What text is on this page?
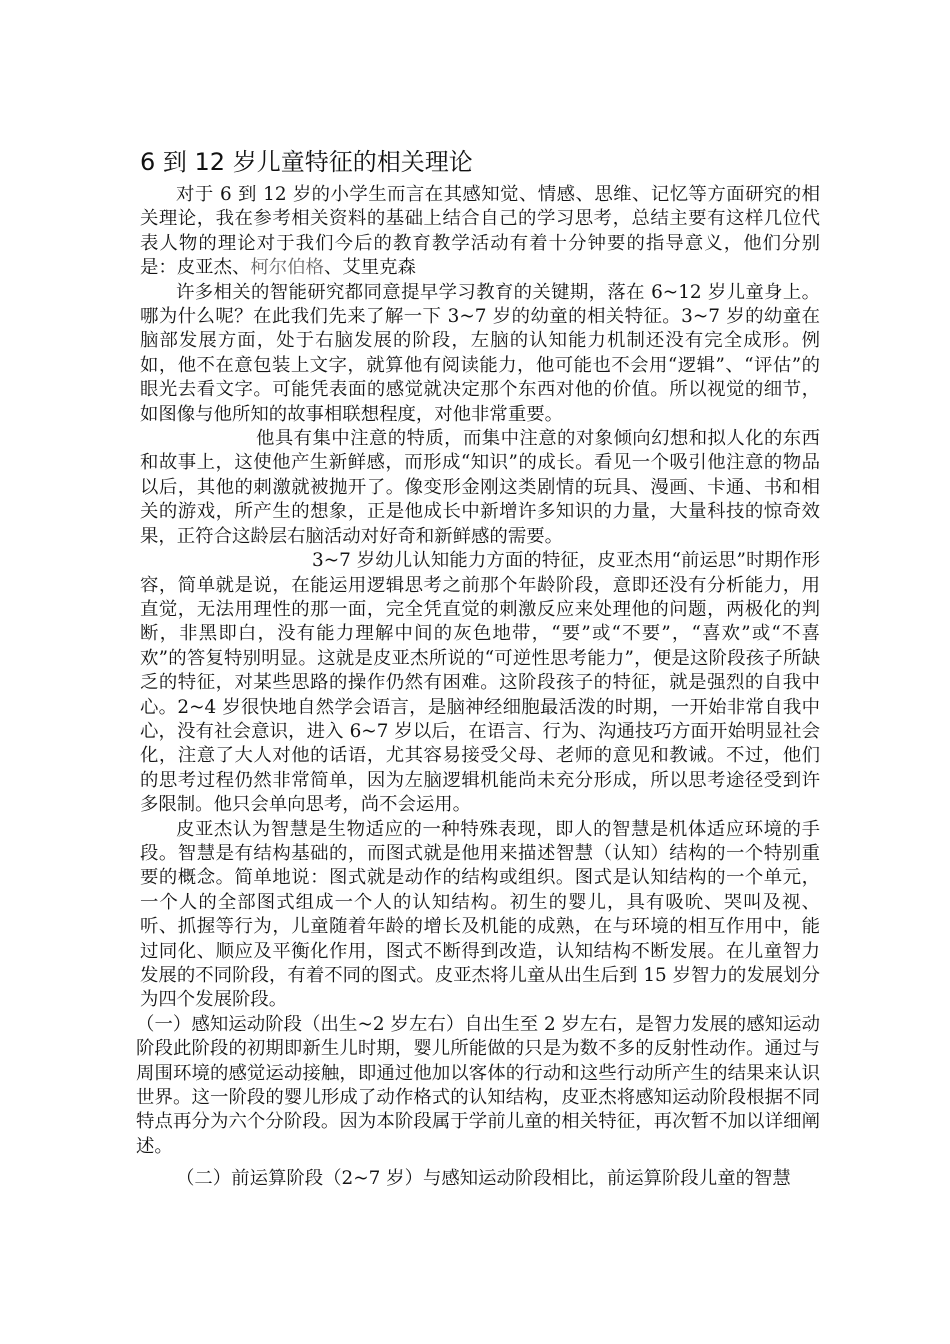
6 到 12 岁儿童特征的相关理论

对于 6 到 12 岁的小学生而言在其感知觉、情感、思维、记忆等方面研究的相关理论，我在参考相关资料的基础上结合自己的学习思考，总结主要有这样几位代表人物的理论对于我们今后的教育教学活动有着十分钟要的指导意义，他们分别是：皮亚杰、柯尔伯格、艾里克森

许多相关的智能研究都同意提早学习教育的关键期，落在 6~12 岁儿童身上。哪为什么呢？在此我们先来了解一下 3~7 岁的幼童的相关特征。3~7 岁的幼童在脑部发展方面，处于右脑发展的阶段，左脑的认知能力机制还没有完全成形。例如，他不在意包装上文字，就算他有阅读能力，他可能也不会用“逻辑”、“评估”的眼光去看文字。可能凭表面的感觉就决定那个东西对他的价值。所以视觉的细节，如图像与他所知的故事相联想程度，对他非常重要。

他具有集中注意的特质，而集中注意的对象倾向幻想和拟人化的东西和故事上，这使他产生新鲜感，而形成“知识”的成长。看见一个吸引他注意的物品以后，其他的刺激就被抛开了。像变形金刚这类剧情的玩具、漫画、卡通、书和相关的游戏，所产生的想象，正是他成长中新增许多知识的力量，大量科技的惊奇效果，正符合这龄层右脑活动对好奇和新鲜感的需要。

3~7 岁幼儿认知能力方面的特征，皮亚杰用“前运思”时期作形容，简单就是说，在能运用逻辑思考之前那个年龄阶段，意即还没有分析能力，用直觉，无法用理性的那一面，完全凭直觉的刺激反应来处理他的问题，两极化的判断，非黑即白，没有能力理解中间的灰色地带，“要”或“不要”，“喜欢”或“不喜欢”的答复特别明显。这就是皮亚杰所说的“可逆性思考能力”，便是这阶段孩子所缺乏的特征，对某些思路的操作仍然有困难。这阶段孩子的特征，就是强烈的自我中心。2~4 岁很快地自然学会语言，是脑神经细胞最活泼的时期，一开始非常自我中心，没有社会意识，进入 6~7 岁以后，在语言、行为、沟通技巧方面开始明显社会化，注意了大人对他的话语，尤其容易接受父母、老师的意见和教诫。不过，他们的思考过程仍然非常简单，因为左脑逻辑机能尚未充分形成，所以思考途径受到许多限制。他只会单向思考，尚不会运用。

皮亚杰认为智慧是生物适应的一种特殊表现，即人的智慧是机体适应环境的手段。智慧是有结构基础的，而图式就是他用来描述智慧（认知）结构的一个特别重要的概念。简单地说：图式就是动作的结构或组织。图式是认知结构的一个单元，一个人的全部图式组成一个人的认知结构。初生的婴儿，具有吸吮、哭叫及视、听、抓握等行为，儿童随着年龄的增长及机能的成熟，在与环境的相互作用中，能过同化、顺应及平衡化作用，图式不断得到改造，认知结构不断发展。在儿童智力发展的不同阶段，有着不同的图式。皮亚杰将儿童从出生后到 15 岁智力的发展划分为四个发展阶段。

（一）感知运动阶段（出生~2 岁左右）自出生至 2 岁左右，是智力发展的感知运动阶段此阶段的初期即新生儿时期，婴儿所能做的只是为数不多的反射性动作。通过与周围环境的感觉运动接触，即通过他加以客体的行动和这些行动所产生的结果来认识世界。这一阶段的婴儿形成了动作格式的认知结构，皮亚杰将感知运动阶段根据不同特点再分为六个分阶段。因为本阶段属于学前儿童的相关特征，再次暂不加以详细阐述。

（二）前运算阶段（2~7 岁）与感知运动阶段相比，前运算阶段儿童的智慧
